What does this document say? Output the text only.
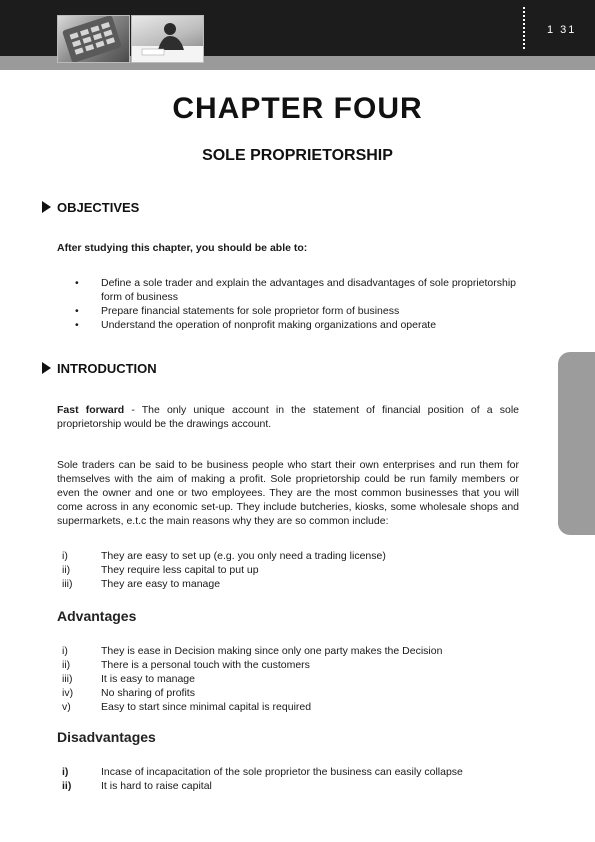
1 31
CHAPTER FOUR
SOLE PROPRIETORSHIP
OBJECTIVES
After studying this chapter, you should be able to:
• Define a sole trader and explain the advantages and disadvantages of sole proprietorship form of business
• Prepare financial statements for sole proprietor form of business
• Understand the operation of nonprofit making organizations and operate
INTRODUCTION
Fast forward - The only unique account in the statement of financial position of a sole proprietorship would be the drawings account.
Sole traders can be said to be business people who start their own enterprises and run them for themselves with the aim of making a profit. Sole proprietorship could be run family members or even the owner and one or two employees. They are the most common businesses that you will come across in any economic set-up. They include butcheries, kiosks, some wholesale shops and supermarkets, e.t.c the main reasons why they are so common include:
i)	They are easy to set up (e.g. you only need a trading license)
ii)	They require less capital to put up
iii)	They are easy to manage
Advantages
i)	They is ease in Decision making since only one party makes the Decision
ii)	There is a personal touch with the customers
iii)	It is easy to manage
iv)	No sharing of profits
v)	Easy to start since minimal capital is required
Disadvantages
i)	Incase of incapacitation of the sole proprietor the business can easily collapse
ii)	It is hard to raise capital
STUDY TEXT
